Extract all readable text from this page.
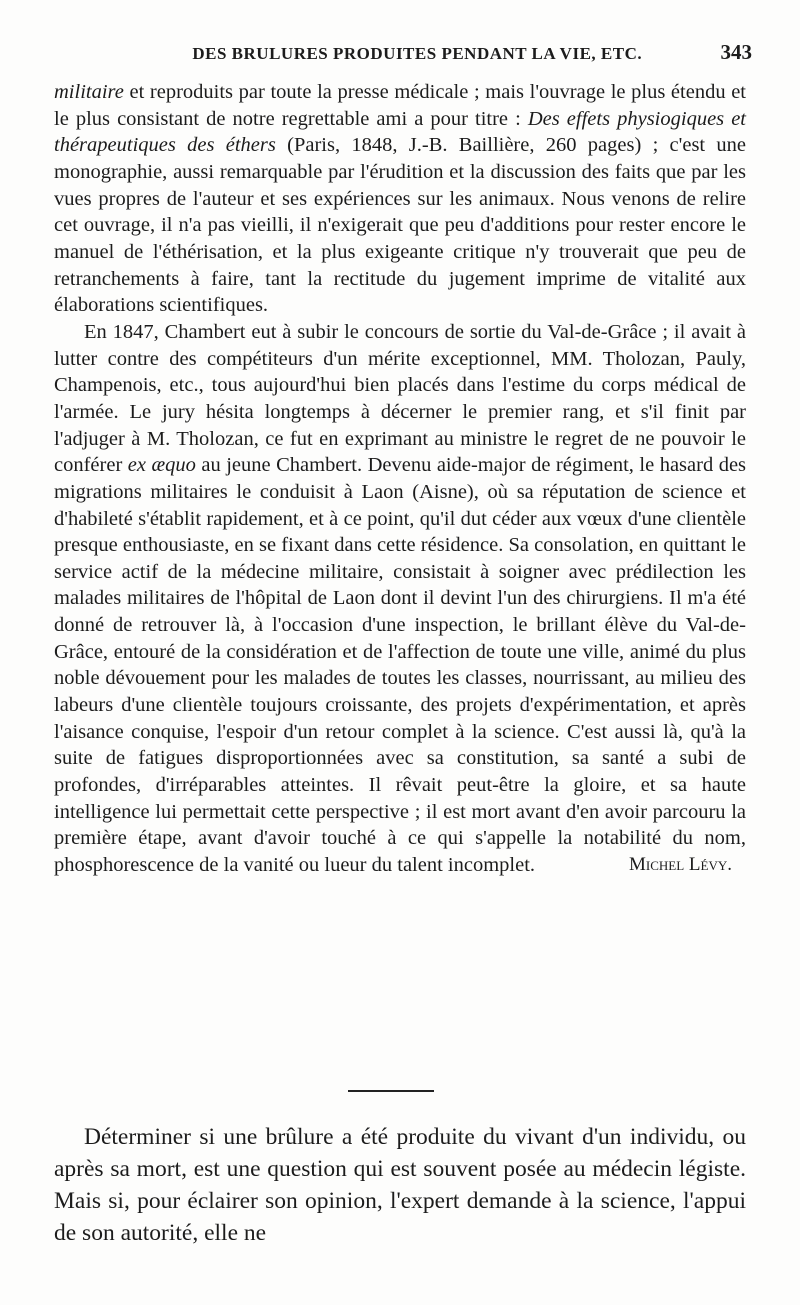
DES BRULURES PRODUITES PENDANT LA VIE, ETC.	343

militaire et reproduits par toute la presse médicale ; mais l'ouvrage le plus étendu et le plus consistant de notre regrettable ami a pour titre : Des effets physiogiques et thérapeutiques des éthers (Paris, 1848, J.-B. Baillière, 260 pages) ; c'est une monographie, aussi remarquable par l'érudition et la discussion des faits que par les vues propres de l'auteur et ses expériences sur les animaux. Nous venons de relire cet ouvrage, il n'a pas vieilli, il n'exigerait que peu d'additions pour rester encore le manuel de l'éthérisation, et la plus exigeante critique n'y trouverait que peu de retranchements à faire, tant la rectitude du jugement imprime de vitalité aux élaborations scientifiques.

En 1847, Chambert eut à subir le concours de sortie du Val-de-Grâce ; il avait à lutter contre des compétiteurs d'un mérite exceptionnel, MM. Tholozan, Pauly, Champenois, etc., tous aujourd'hui bien placés dans l'estime du corps médical de l'armée. Le jury hésita longtemps à décerner le premier rang, et s'il finit par l'adjuger à M. Tholozan, ce fut en exprimant au ministre le regret de ne pouvoir le conférer ex æquo au jeune Chambert. Devenu aide-major de régiment, le hasard des migrations militaires le conduisit à Laon (Aisne), où sa réputation de science et d'habileté s'établit rapidement, et à ce point, qu'il dut céder aux vœux d'une clientèle presque enthousiaste, en se fixant dans cette résidence. Sa consolation, en quittant le service actif de la médecine militaire, consistait à soigner avec prédilection les malades militaires de l'hôpital de Laon dont il devint l'un des chirurgiens. Il m'a été donné de retrouver là, à l'occasion d'une inspection, le brillant élève du Val-de-Grâce, entouré de la considération et de l'affection de toute une ville, animé du plus noble dévouement pour les malades de toutes les classes, nourrissant, au milieu des labeurs d'une clientèle toujours croissante, des projets d'expérimentation, et après l'aisance conquise, l'espoir d'un retour complet à la science. C'est aussi là, qu'à la suite de fatigues disproportionnées avec sa constitution, sa santé a subi de profondes, d'irréparables atteintes. Il rêvait peut-être la gloire, et sa haute intelligence lui permettait cette perspective ; il est mort avant d'en avoir parcouru la première étape, avant d'avoir touché à ce qui s'appelle la notabilité du nom, phosphorescence de la vanité ou lueur du talent incomplet.	Michel Lévy.

Déterminer si une brûlure a été produite du vivant d'un individu, ou après sa mort, est une question qui est souvent posée au médecin légiste. Mais si, pour éclairer son opinion, l'expert demande à la science, l'appui de son autorité, elle ne
